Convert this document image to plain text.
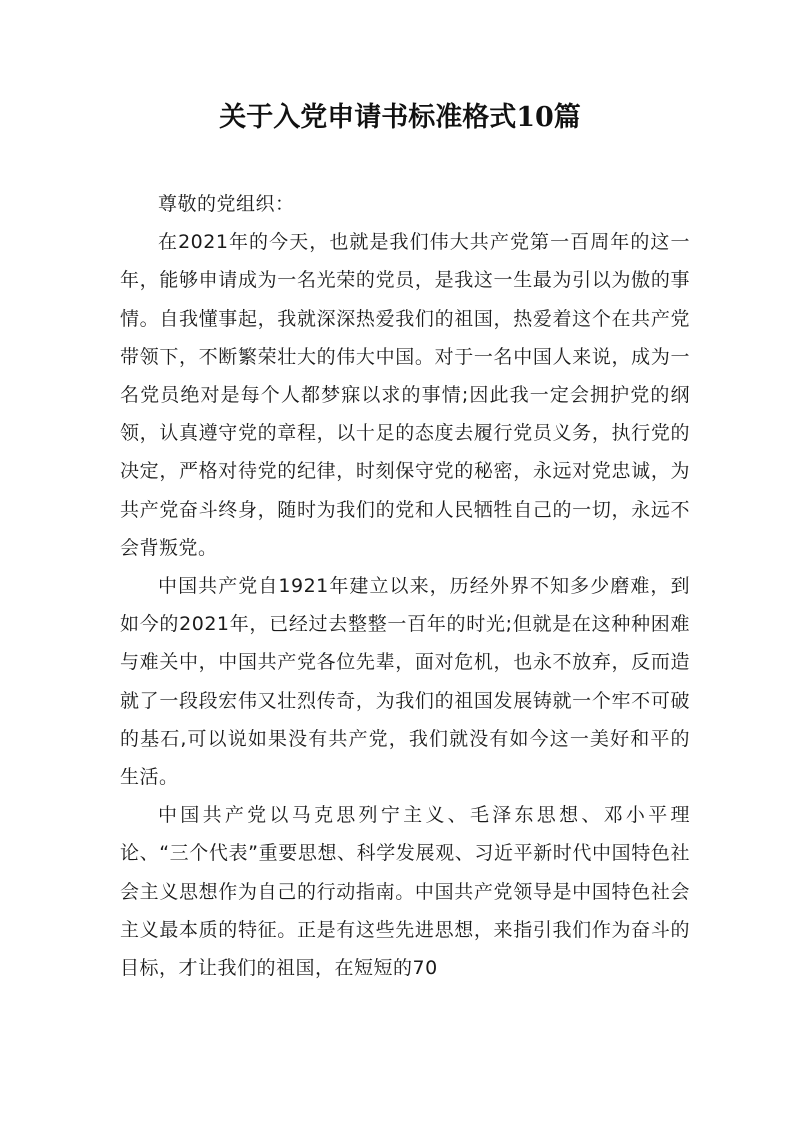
关于入党申请书标准格式10篇

尊敬的党组织：

在2021年的今天，也就是我们伟大共产党第一百周年的这一年，能够申请成为一名光荣的党员，是我这一生最为引以为傲的事情。自我懂事起，我就深深热爱我们的祖国，热爱着这个在共产党带领下，不断繁荣壮大的伟大中国。对于一名中国人来说，成为一名党员绝对是每个人都梦寐以求的事情;因此我一定会拥护党的纲领，认真遵守党的章程，以十足的态度去履行党员义务，执行党的决定，严格对待党的纪律，时刻保守党的秘密，永远对党忠诚，为共产党奋斗终身，随时为我们的党和人民牺牲自己的一切，永远不会背叛党。

中国共产党自1921年建立以来，历经外界不知多少磨难，到如今的2021年，已经过去整整一百年的时光;但就是在这种种困难与难关中，中国共产党各位先辈，面对危机，也永不放弃，反而造就了一段段宏伟又壮烈传奇，为我们的祖国发展铸就一个牢不可破的基石,可以说如果没有共产党，我们就没有如今这一美好和平的生活。

中国共产党以马克思列宁主义、毛泽东思想、邓小平理论、“三个代表”重要思想、科学发展观、习近平新时代中国特色社会主义思想作为自己的行动指南。中国共产党领导是中国特色社会主义最本质的特征。正是有这些先进思想，来指引我们作为奋斗的目标，才让我们的祖国，在短短的70
